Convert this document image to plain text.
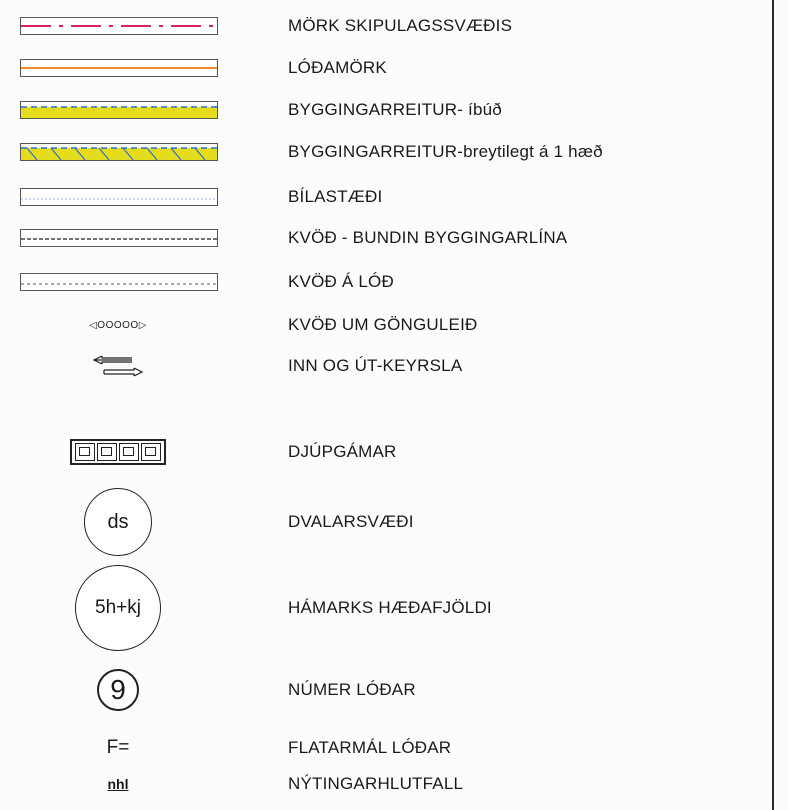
MÖRK SKIPULAGSSVÆÐIS
LÓÐAMÖRK
BYGGINGARREITUR- íbúð
BYGGINGARREITUR-breytilegt á 1 hæð
BÍLASTÆÐI
KVÖÐ - BUNDIN BYGGINGARLÍNA
KVÖÐ Á LÓÐ
◁OOOOO▷	KVÖÐ UM GÖNGULEIÐ
INN OG ÚT-KEYRSLA
DJÚPGÁMAR
ds	DVALARSVÆÐI
5h+kj	HÁMARKS HÆÐAFJÖLDI
9	NÚMER LÓÐAR
F=	FLATARMÁL LÓÐAR
nhl	NÝTINGARHLUTFALL
